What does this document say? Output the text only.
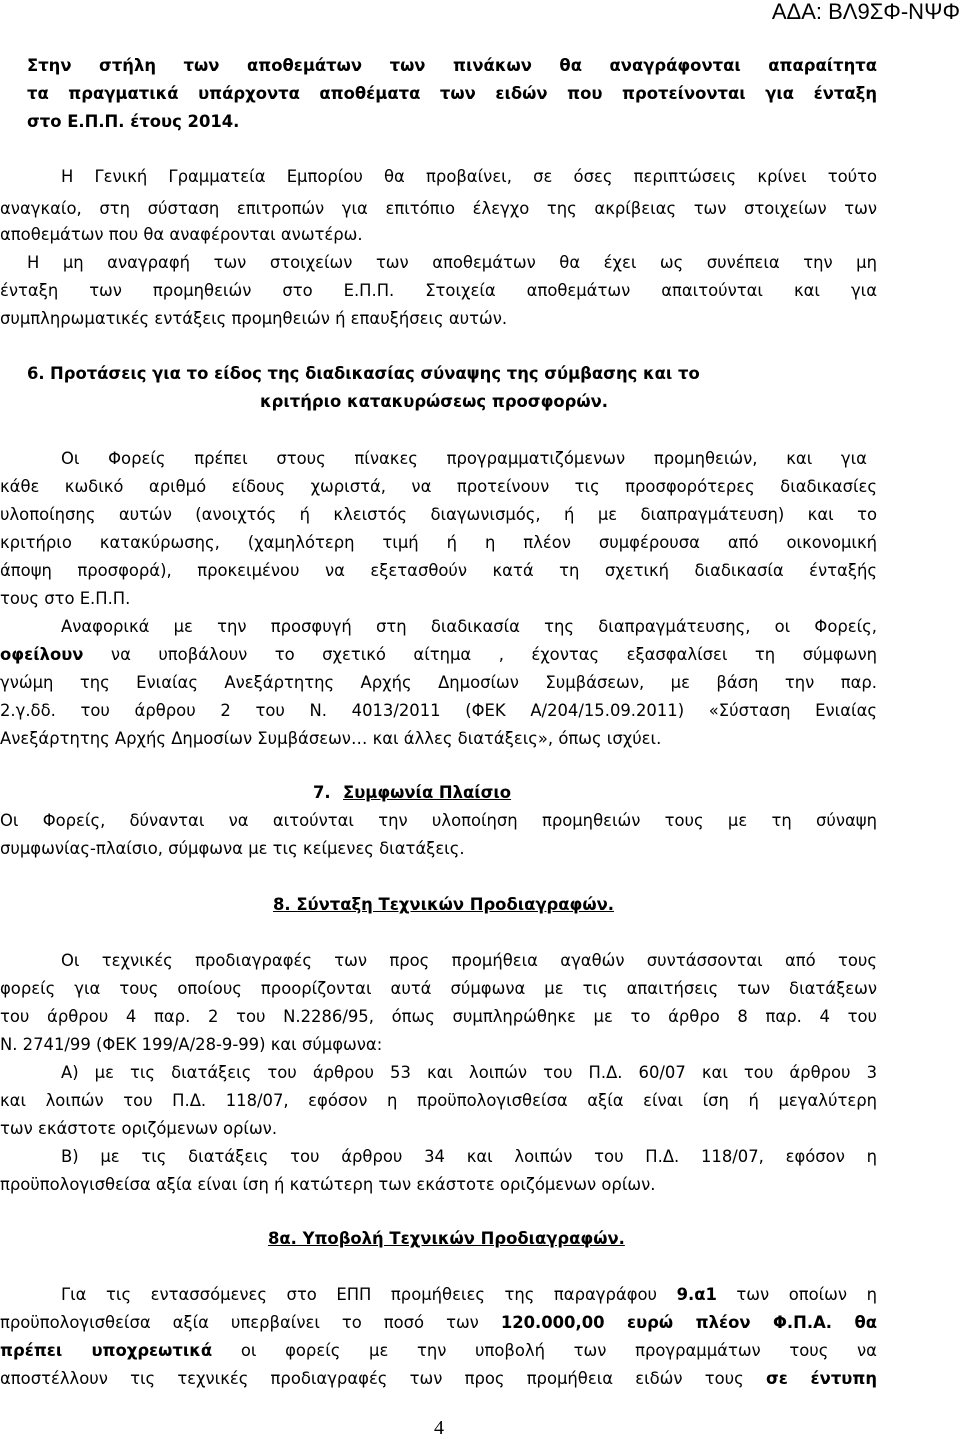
ΑΔΑ: ΒΛ9ΣΦ-ΝΨΦ
Στην στήλη των αποθεμάτων των πινάκων θα αναγράφονται απαραίτητα
τα πραγματικά υπάρχοντα αποθέματα των ειδών που προτείνονται για ένταξη
στο Ε.Π.Π. έτους 2014.
Η Γενική Γραμματεία Εμπορίου θα προβαίνει, σε όσες περιπτώσεις κρίνει τούτο
αναγκαίο, στη σύσταση επιτροπών για επιτόπιο έλεγχο της ακρίβειας των στοιχείων των
αποθεμάτων που θα αναφέρονται ανωτέρω.
Η μη αναγραφή των στοιχείων των αποθεμάτων θα έχει ως συνέπεια την μη
ένταξη των προμηθειών στο Ε.Π.Π. Στοιχεία αποθεμάτων απαιτούνται και για
συμπληρωματικές εντάξεις προμηθειών ή επαυξήσεις αυτών.
6. Προτάσεις για το είδος της διαδικασίας σύναψης της σύμβασης και το
κριτήριο κατακυρώσεως προσφορών.
Οι Φορείς πρέπει στους πίνακες προγραμματιζόμενων προμηθειών, και για
κάθε κωδικό αριθμό είδους χωριστά, να προτείνουν τις προσφορότερες διαδικασίες
υλοποίησης αυτών (ανοιχτός ή κλειστός διαγωνισμός, ή με διαπραγμάτευση) και το
κριτήριο κατακύρωσης, (χαμηλότερη τιμή ή η πλέον συμφέρουσα από οικονομική
άποψη προσφορά), προκειμένου να εξετασθούν κατά τη σχετική διαδικασία ένταξής
τους στο Ε.Π.Π.
Αναφορικά με την προσφυγή στη διαδικασία της διαπραγμάτευσης, οι Φορείς,
οφείλουν να υποβάλουν το σχετικό αίτημα , έχοντας εξασφαλίσει τη σύμφωνη
γνώμη της Ενιαίας Ανεξάρτητης Αρχής Δημοσίων Συμβάσεων, με βάση την παρ.
2.γ.δδ. του άρθρου 2 του Ν. 4013/2011 (ΦΕΚ Α/204/15.09.2011) «Σύσταση Ενιαίας
Ανεξάρτητης Αρχής Δημοσίων Συμβάσεων… και άλλες διατάξεις», όπως ισχύει.
7. Συμφωνία Πλαίσιο
Οι Φορείς, δύνανται να αιτούνται την υλοποίηση προμηθειών τους με τη σύναψη
συμφωνίας-πλαίσιο, σύμφωνα με τις κείμενες διατάξεις.
8. Σύνταξη Τεχνικών Προδιαγραφών.
Οι τεχνικές προδιαγραφές των προς προμήθεια αγαθών συντάσσονται από τους
φορείς για τους οποίους προορίζονται αυτά σύμφωνα με τις απαιτήσεις των διατάξεων
του άρθρου 4 παρ. 2 του Ν.2286/95, όπως συμπληρώθηκε με το άρθρο 8 παρ. 4 του
Ν. 2741/99 (ΦΕΚ 199/Α/28-9-99) και σύμφωνα:
Α) με τις διατάξεις του άρθρου 53 και λοιπών του Π.Δ. 60/07 και του άρθρου 3
και λοιπών του Π.Δ. 118/07, εφόσον η προϋπολογισθείσα αξία είναι ίση ή μεγαλύτερη
των εκάστοτε οριζόμενων ορίων.
Β) με τις διατάξεις του άρθρου 34 και λοιπών του Π.Δ. 118/07, εφόσον η
προϋπολογισθείσα αξία είναι ίση ή κατώτερη των εκάστοτε οριζόμενων ορίων.
8α. Υποβολή Τεχνικών Προδιαγραφών.
Για τις εντασσόμενες στο ΕΠΠ προμήθειες της παραγράφου 9.α1 των οποίων η
προϋπολογισθείσα αξία υπερβαίνει το ποσό των 120.000,00 ευρώ πλέον Φ.Π.Α. θα
πρέπει υποχρεωτικά οι φορείς με την υποβολή των προγραμμάτων τους να
αποστέλλουν τις τεχνικές προδιαγραφές των προς προμήθεια ειδών τους σε έντυπη
4
